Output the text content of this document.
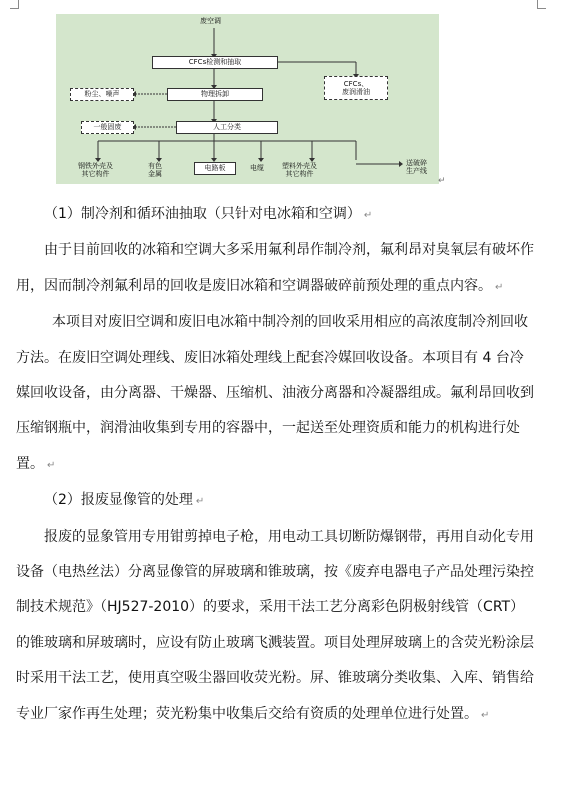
废空调
CFCs检测和抽取
CFCs、
废润滑油
物理拆卸
粉尘、噪声
人工分类
一般固废
钢铁外壳及
其它构件
有色
金属
电路板	电缆	塑料外壳及
其它构件
送破碎
生产线
↵

（1）制冷剂和循环油抽取（只针对电冰箱和空调） ↵

由于目前回收的冰箱和空调大多采用氟利昂作制冷剂，氟利昂对臭氧层有破坏作用，因而制冷剂氟利昂的回收是废旧冰箱和空调器破碎前预处理的重点内容。 ↵

本项目对废旧空调和废旧电冰箱中制冷剂的回收采用相应的高浓度制冷剂回收方法。在废旧空调处理线、废旧冰箱处理线上配套冷媒回收设备。本项目有 4 台冷媒回收设备，由分离器、干燥器、压缩机、油液分离器和冷凝器组成。氟利昂回收到压缩钢瓶中，润滑油收集到专用的容器中，一起送至处理资质和能力的机构进行处置。 ↵

（2）报废显像管的处理 ↵

报废的显象管用专用钳剪掉电子枪，用电动工具切断防爆钢带，再用自动化专用设备（电热丝法）分离显像管的屏玻璃和锥玻璃，按《废弃电器电子产品处理污染控制技术规范》（HJ527-2010）的要求，采用干法工艺分离彩色阴极射线管（CRT）的锥玻璃和屏玻璃时，应设有防止玻璃飞溅装置。项目处理屏玻璃上的含荧光粉涂层时采用干法工艺，使用真空吸尘器回收荧光粉。屏、锥玻璃分类收集、入库、销售给专业厂家作再生处理；荧光粉集中收集后交给有资质的处理单位进行处置。 ↵
